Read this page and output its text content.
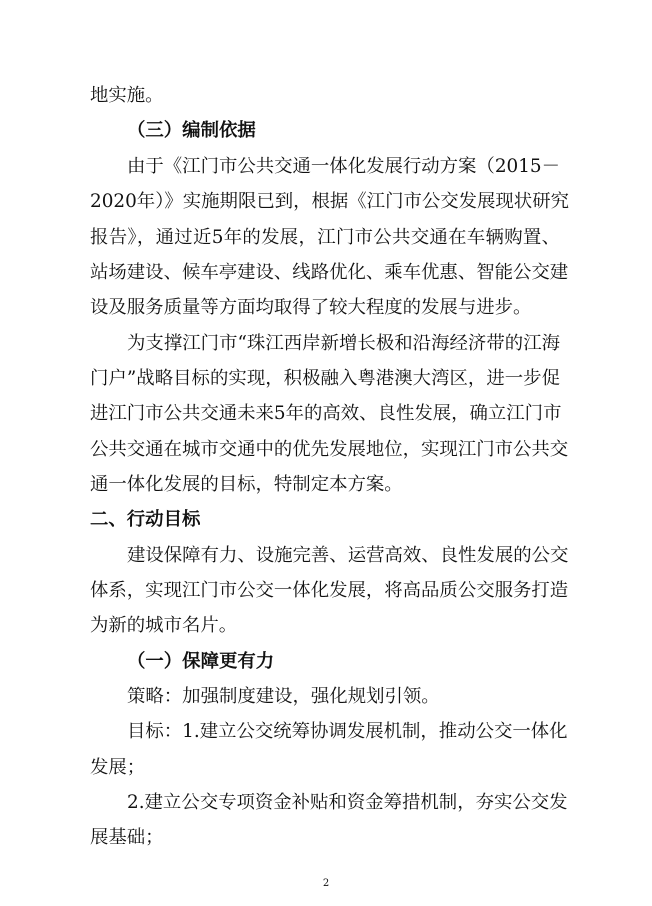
地实施。
（三）编制依据
由于《江门市公共交通一体化发展行动方案（2015－
2020年）》实施期限已到，根据《江门市公交发展现状研究
报告》，通过近5年的发展，江门市公共交通在车辆购置、
站场建设、候车亭建设、线路优化、乘车优惠、智能公交建
设及服务质量等方面均取得了较大程度的发展与进步。
为支撑江门市“珠江西岸新增长极和沿海经济带的江海
门户”战略目标的实现，积极融入粤港澳大湾区，进一步促
进江门市公共交通未来5年的高效、良性发展，确立江门市
公共交通在城市交通中的优先发展地位，实现江门市公共交
通一体化发展的目标，特制定本方案。
二、行动目标
建设保障有力、设施完善、运营高效、良性发展的公交
体系，实现江门市公交一体化发展，将高品质公交服务打造
为新的城市名片。
（一）保障更有力
策略：加强制度建设，强化规划引领。
目标：1.建立公交统筹协调发展机制，推动公交一体化
发展；
2.建立公交专项资金补贴和资金筹措机制，夯实公交发
展基础；
2
